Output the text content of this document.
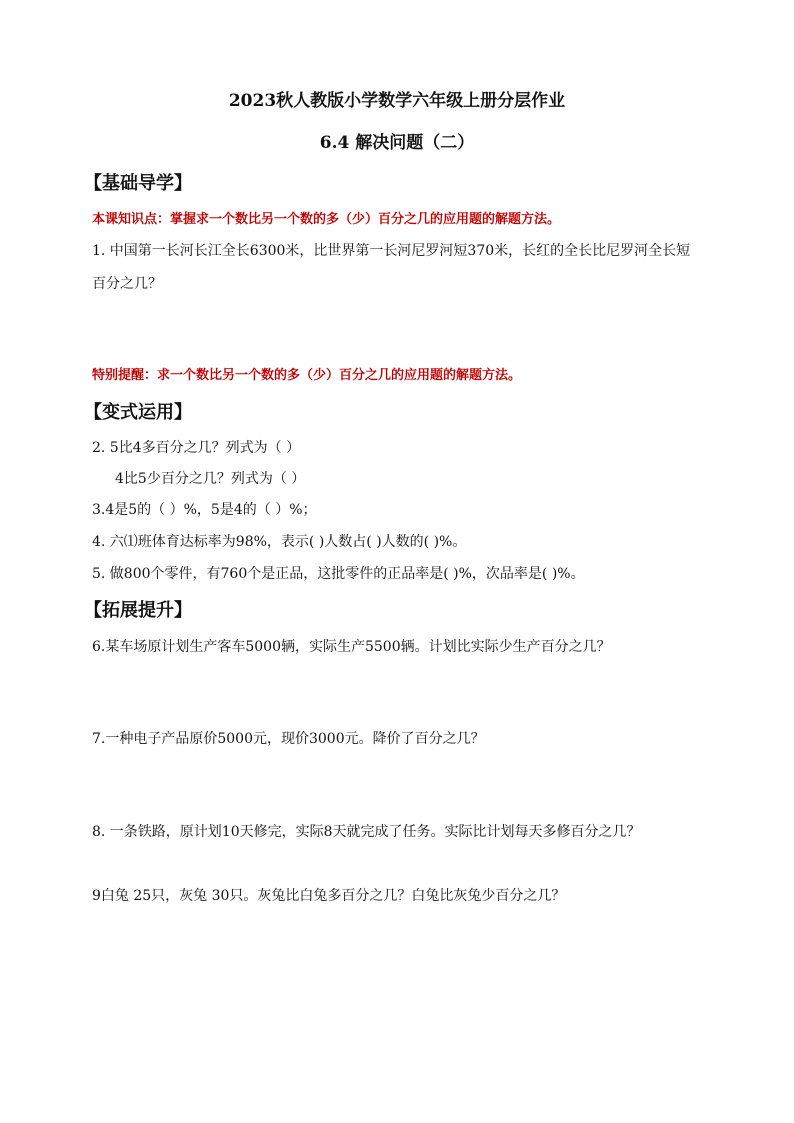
2023秋人教版小学数学六年级上册分层作业
6.4 解决问题（二）
【基础导学】
本课知识点：掌握求一个数比另一个数的多（少）百分之几的应用题的解题方法。
1. 中国第一长河长江全长6300米，比世界第一长河尼罗河短370米，长红的全长比尼罗河全长短
百分之几？
特别提醒：求一个数比另一个数的多（少）百分之几的应用题的解题方法。
【变式运用】
2. 5比4多百分之几？列式为（ ）
4比5少百分之几？列式为（ ）
3.4是5的（ ）%，5是4的（ ）%；
4. 六⑴班体育达标率为98%，表示( )人数占( )人数的( )%。
5. 做800个零件，有760个是正品，这批零件的正品率是( )%，次品率是( )%。
【拓展提升】
6.某车场原计划生产客车5000辆，实际生产5500辆。计划比实际少生产百分之几？
7.一种电子产品原价5000元，现价3000元。降价了百分之几？
8. 一条铁路，原计划10天修完，实际8天就完成了任务。实际比计划每天多修百分之几？
9白兔 25只，灰兔 30只。灰兔比白兔多百分之几？白兔比灰兔少百分之几？
